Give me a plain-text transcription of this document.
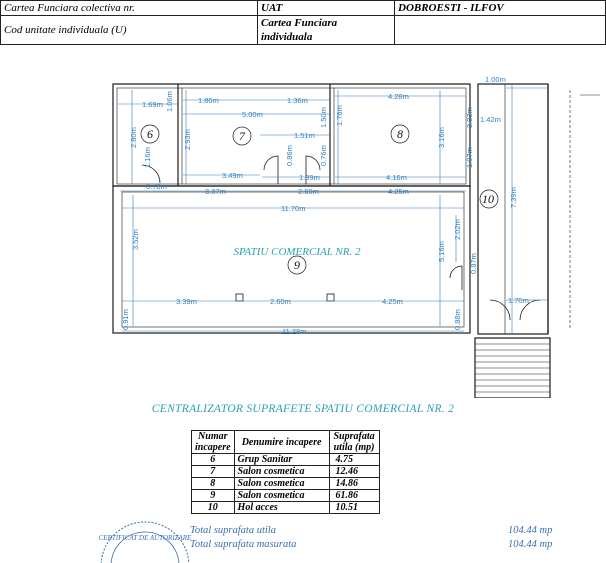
Cartea Funciara colectiva nr.	UAT	DOBROESTI - ILFOV
Cod unitate individuala (U)	Cartea Funciara individuala	
1.69m 1.06m	1.86m	1.36m	4.28m
1.00m
5.00m
1.42m
2.80m	2.93m	1.51m
1.50m 1.76m
3.16m
3.33m
1.16m	0.86m	0.76m	1.07m
3.49m	1.39m	4.16m
0.78m
3.37m	2.60m	4.25m	7.39m
11.70m
3.52m	2.02m
5.16m
0.87m
3.39m	2.60m	4.25m	1.70m
0.91m
11.28m
0.88m
6	7	8
9
10
SPATIU COMERCIAL NR. 2
CENTRALIZATOR SUPRAFETE SPATIU COMERCIAL NR. 2
Numar incapere	Denumire incapere	Suprafata utila (mp)
6	Grup Sanitar	4.75
7	Salon cosmetica	12.46
8	Salon cosmetica	14.86
9	Salon cosmetica	61.86
10	Hol acces	10.51
Total suprafata utila	104.44 mp
Total suprafata masurata	104.44 mp
CERTIFICAT DE AUTORIZARE
